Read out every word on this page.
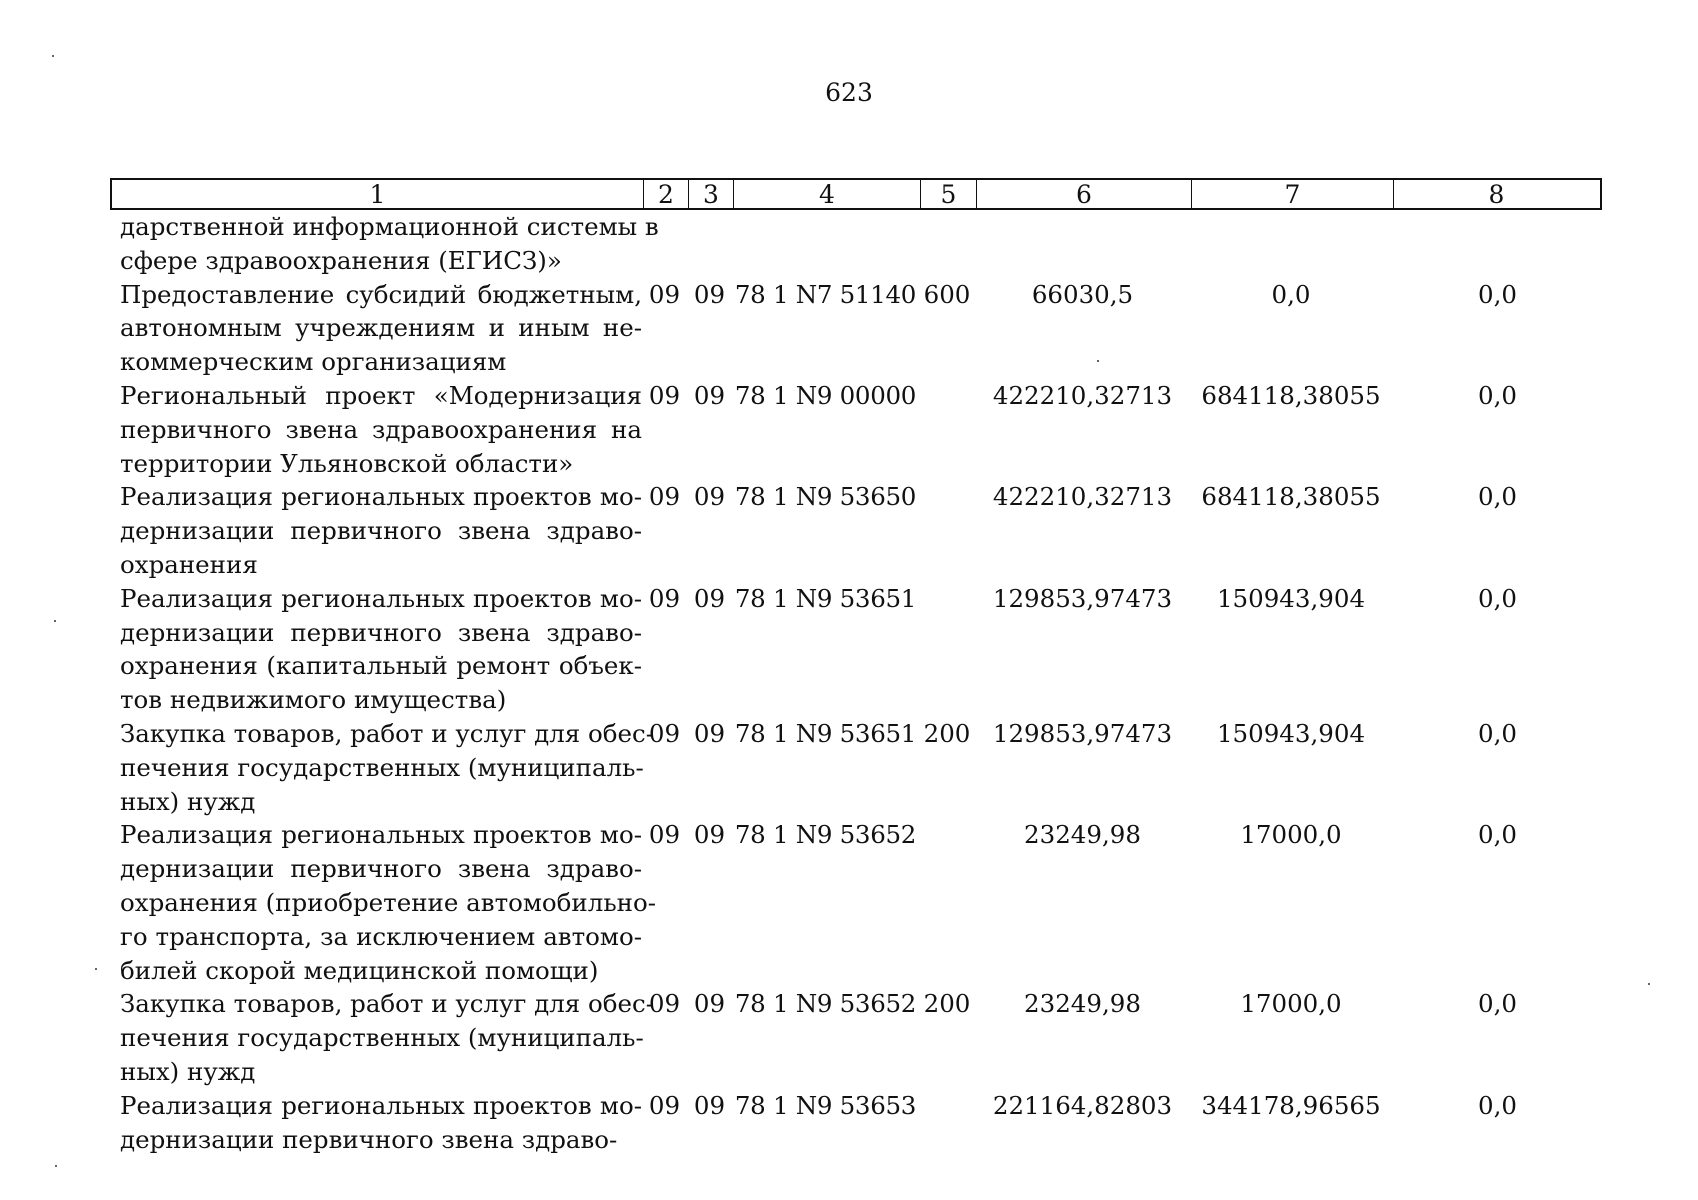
623
1	2	3	4	5	6	7	8
дарственной информационной системы в
сфере здравоохранения (ЕГИСЗ)»
Предоставление субсидий бюджетным,
автономным учреждениям и иным не-
коммерческим организациям
09 09 78 1 N7 51140 600	66030,5	0,0	0,0
Региональный проект «Модернизация
первичного звена здравоохранения на
территории Ульяновской области»
09 09 78 1 N9 00000	422210,32713	684118,38055	0,0
Реализация региональных проектов мо-
дернизации первичного звена здраво-
охранения
09 09 78 1 N9 53650	422210,32713	684118,38055	0,0
Реализация региональных проектов мо-
дернизации первичного звена здраво-
охранения (капитальный ремонт объек-
тов недвижимого имущества)
09 09 78 1 N9 53651	129853,97473	150943,904	0,0
Закупка товаров, работ и услуг для обес-
печения государственных (муниципаль-
ных) нужд
09 09 78 1 N9 53651 200 129853,97473	150943,904	0,0
Реализация региональных проектов мо-
дернизации первичного звена здраво-
охранения (приобретение автомобильно-
го транспорта, за исключением автомо-
билей скорой медицинской помощи)
09 09 78 1 N9 53652	23249,98	17000,0	0,0
Закупка товаров, работ и услуг для обес-
печения государственных (муниципаль-
ных) нужд
09 09 78 1 N9 53652 200	23249,98	17000,0	0,0
Реализация региональных проектов мо-
дернизации первичного звена здраво-
09 09 78 1 N9 53653	221164,82803	344178,96565	0,0
